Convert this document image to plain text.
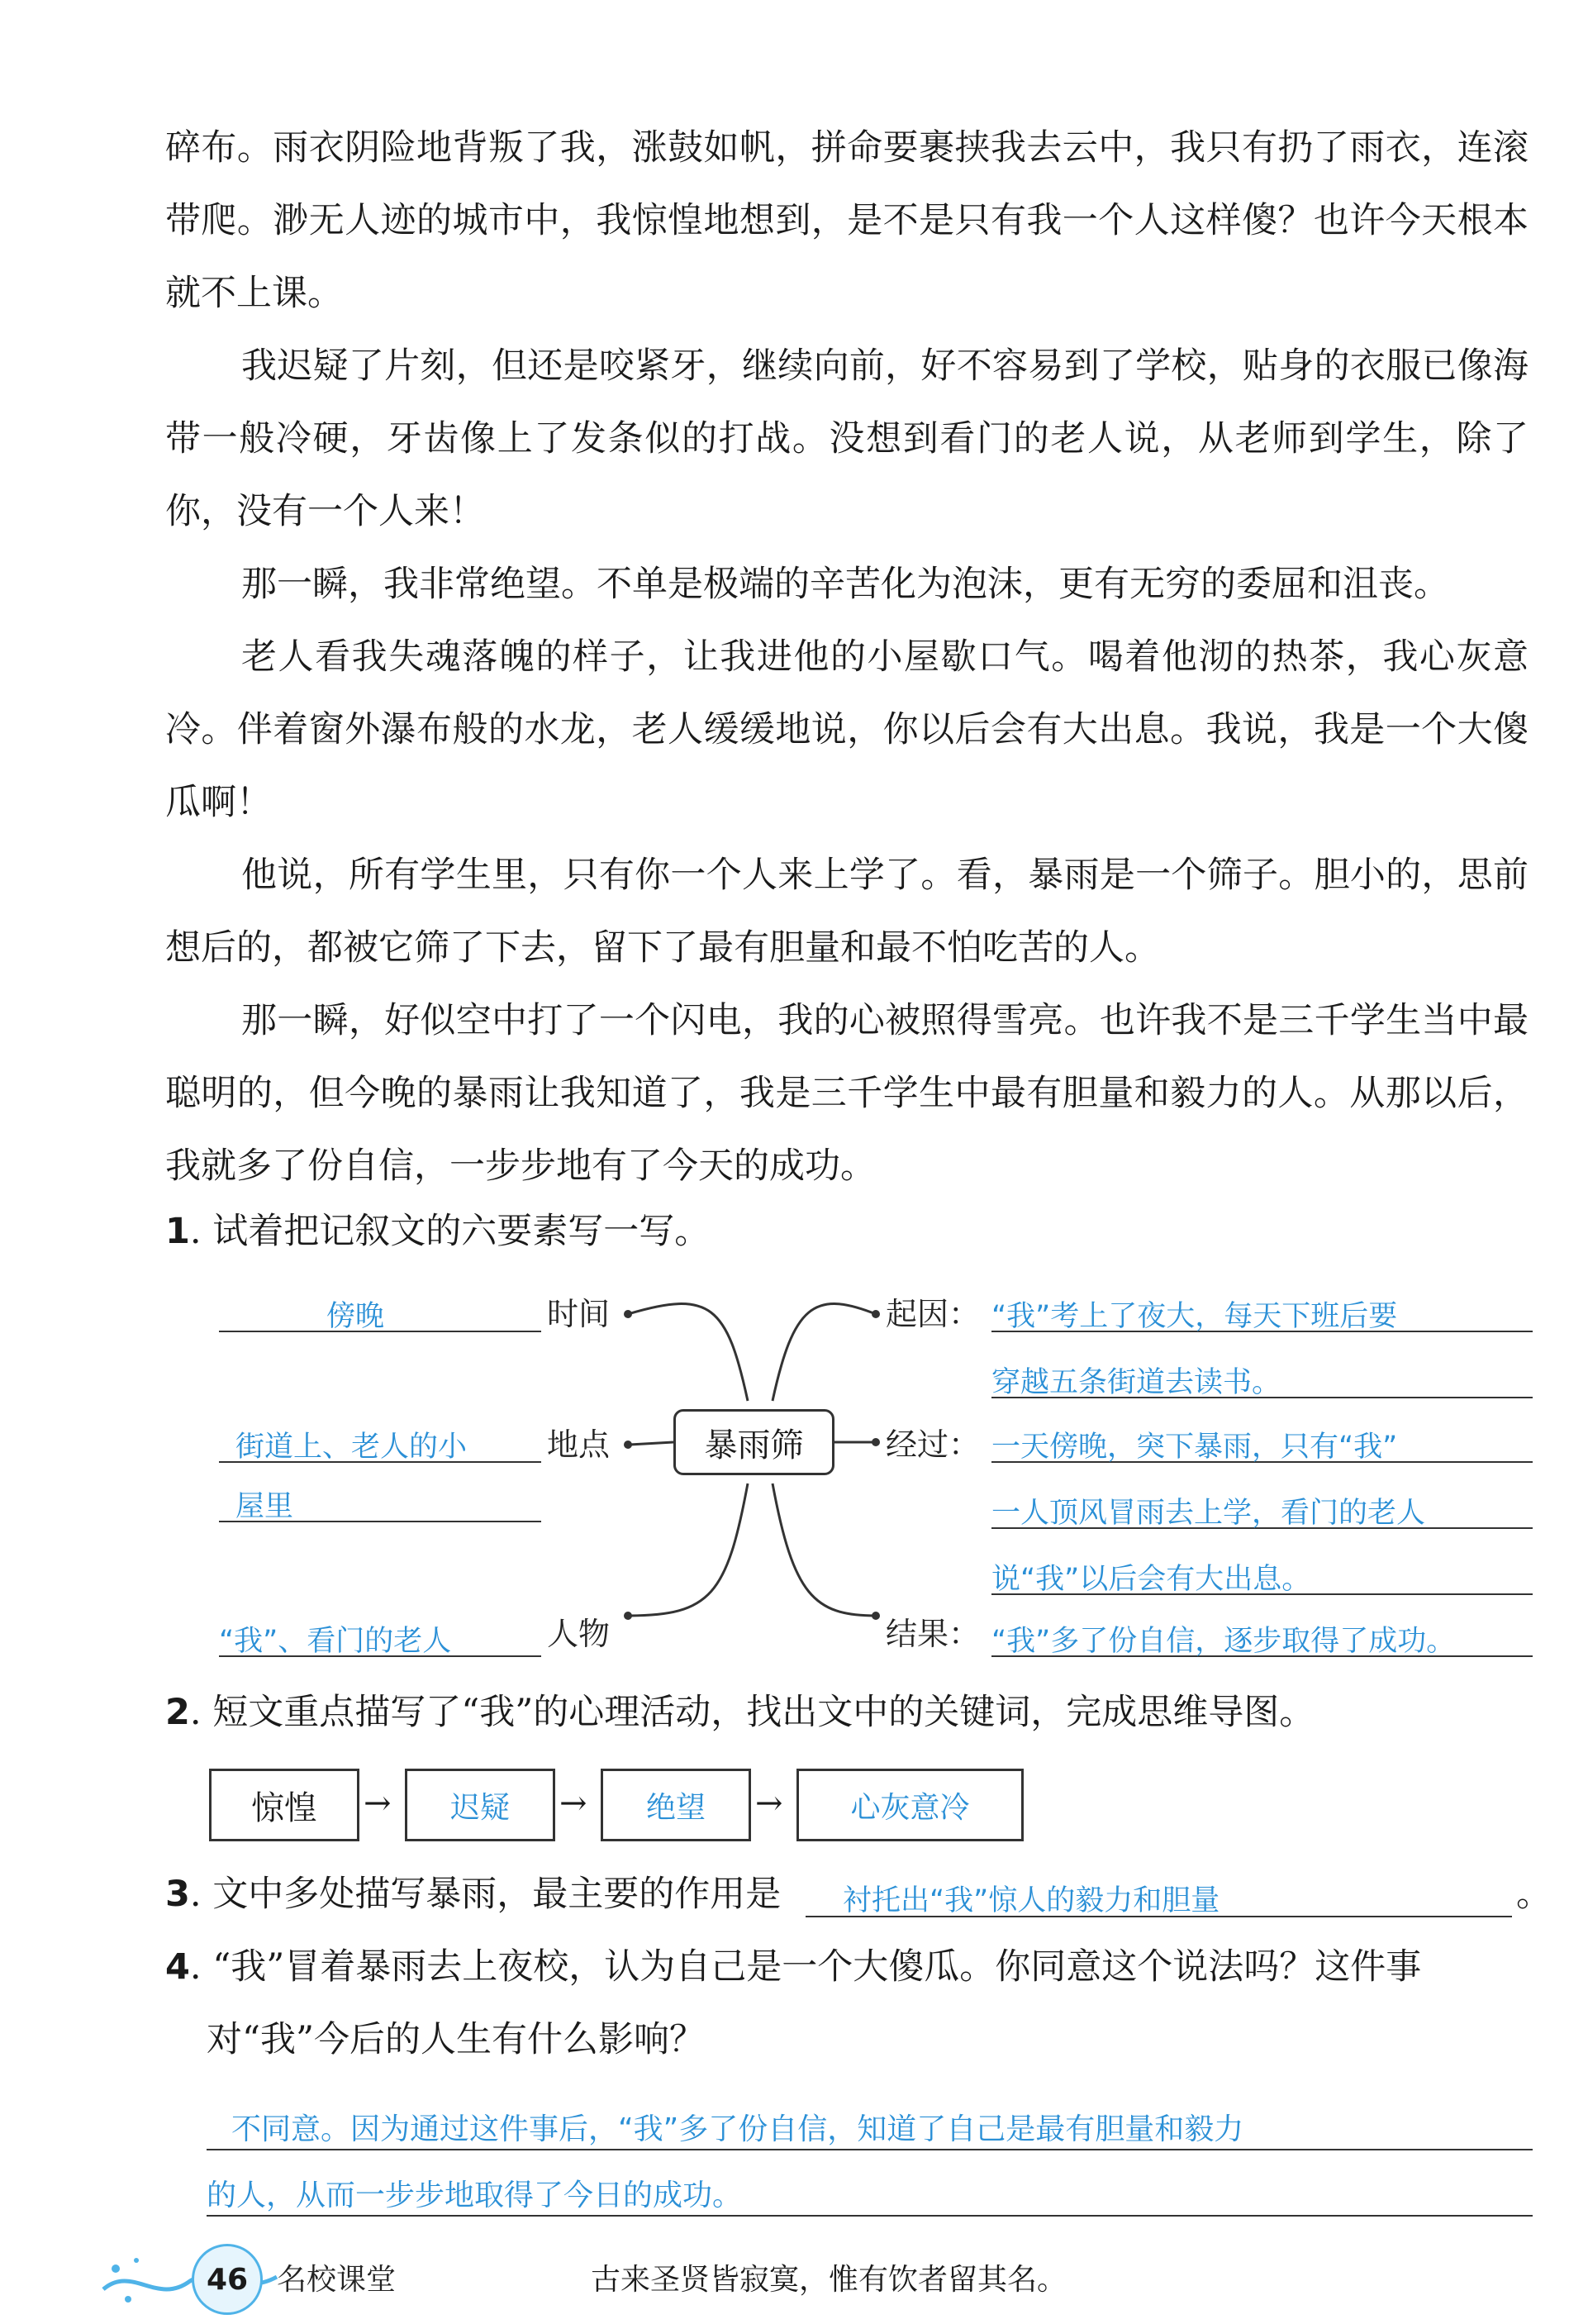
碎布。雨衣阴险地背叛了我，涨鼓如帆，拼命要裹挟我去云中，我只有扔了雨衣，连滚带爬。渺无人迹的城市中，我惊惶地想到，是不是只有我一个人这样傻？也许今天根本就不上课。

我迟疑了片刻，但还是咬紧牙，继续向前，好不容易到了学校，贴身的衣服已像海带一般冷硬，牙齿像上了发条似的打战。没想到看门的老人说，从老师到学生，除了你，没有一个人来！

那一瞬，我非常绝望。不单是极端的辛苦化为泡沫，更有无穷的委屈和沮丧。

老人看我失魂落魄的样子，让我进他的小屋歇口气。喝着他沏的热茶，我心灰意冷。伴着窗外瀑布般的水龙，老人缓缓地说，你以后会有大出息。我说，我是一个大傻瓜啊！

他说，所有学生里，只有你一个人来上学了。看，暴雨是一个筛子。胆小的，思前想后的，都被它筛了下去，留下了最有胆量和最不怕吃苦的人。

那一瞬，好似空中打了一个闪电，我的心被照得雪亮。也许我不是三千学生当中最聪明的，但今晚的暴雨让我知道了，我是三千学生中最有胆量和毅力的人。从那以后，我就多了份自信，一步步地有了今天的成功。

1. 试着把记叙文的六要素写一写。
暴雨筛
时间
地点
人物
起因：
经过：
结果：
傍晚
街道上、老人的小
屋里
“我”、看门的老人
“我”考上了夜大，每天下班后要
穿越五条街道去读书。
一天傍晚，突下暴雨，只有“我”
一人顶风冒雨去上学，看门的老人
说“我”以后会有大出息。
“我”多了份自信，逐步取得了成功。
2. 短文重点描写了“我”的心理活动，找出文中的关键词，完成思维导图。
惊惶	→	迟疑	→	绝望	→	心灰意冷
3. 文中多处描写暴雨，最主要的作用是 衬托出“我”惊人的毅力和胆量	。
4. “我”冒着暴雨去上夜校，认为自己是一个大傻瓜。你同意这个说法吗？这件事
对“我”今后的人生有什么影响？
不同意。因为通过这件事后，“我”多了份自信，知道了自己是最有胆量和毅力
的人，从而一步步地取得了今日的成功。
46 名校课堂	古来圣贤皆寂寞，惟有饮者留其名。
